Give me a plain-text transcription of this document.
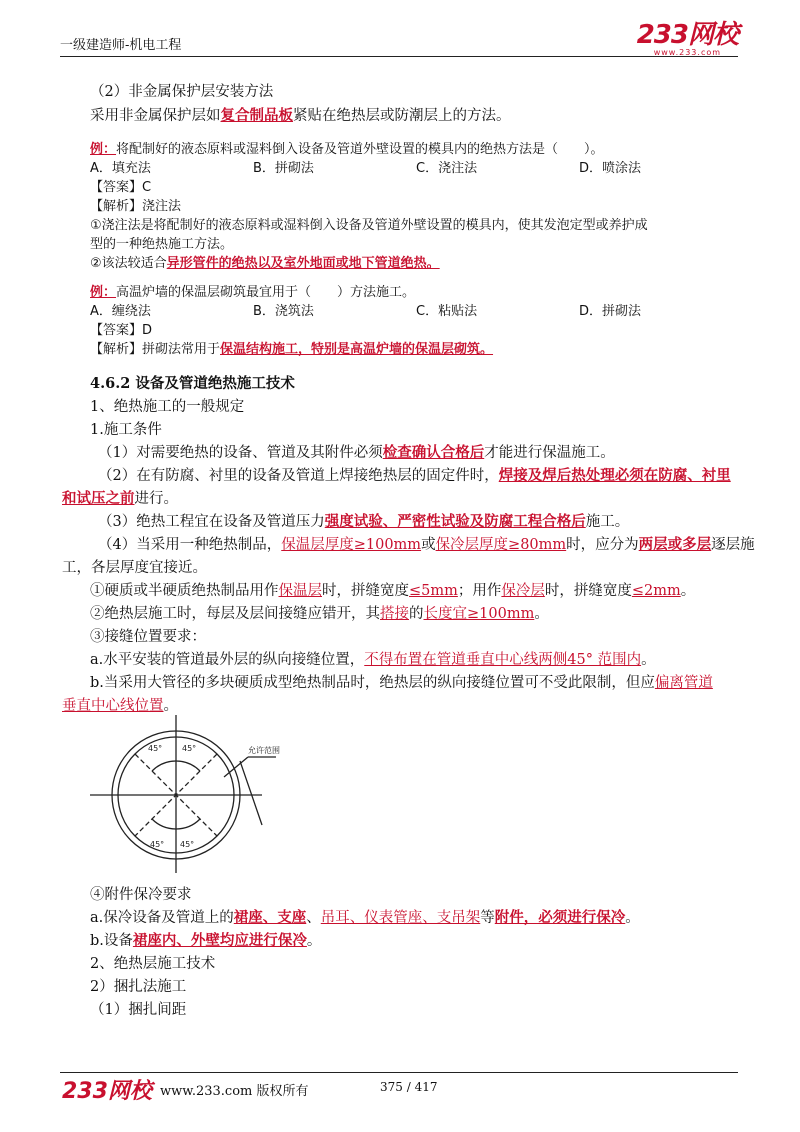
一级建造师-机电工程	233网校
www.233.com
（2）非金属保护层安装方法
采用非金属保护层如复合制品板紧贴在绝热层或防潮层上的方法。
例：将配制好的液态原料或湿料倒入设备及管道外壁设置的模具内的绝热方法是（　　）。
A．填充法	B．拼砌法	C．浇注法	D．喷涂法
【答案】C
【解析】浇注法
①浇注法是将配制好的液态原料或湿料倒入设备及管道外壁设置的模具内，使其发泡定型或养护成
型的一种绝热施工方法。
②该法较适合异形管件的绝热以及室外地面或地下管道绝热。
例：高温炉墙的保温层砌筑最宜用于（　　）方法施工。
A．缠绕法	B．浇筑法	C．粘贴法	D．拼砌法
【答案】D
【解析】拼砌法常用于保温结构施工，特别是高温炉墙的保温层砌筑。
4.6.2 设备及管道绝热施工技术
1、绝热施工的一般规定
1.施工条件
（1）对需要绝热的设备、管道及其附件必须检查确认合格后才能进行保温施工。
（2）在有防腐、衬里的设备及管道上焊接绝热层的固定件时，焊接及焊后热处理必须在防腐、衬里
和试压之前进行。
（3）绝热工程宜在设备及管道压力强度试验、严密性试验及防腐工程合格后施工。
（4）当采用一种绝热制品，保温层厚度≥100mm或保冷层厚度≥80mm时，应分为两层或多层逐层施
工，各层厚度宜接近。
①硬质或半硬质绝热制品用作保温层时，拼缝宽度≤5mm；用作保冷层时，拼缝宽度≤2mm。
②绝热层施工时，每层及层间接缝应错开，其搭接的长度宜≥100mm。
③接缝位置要求：
a.水平安装的管道最外层的纵向接缝位置，不得布置在管道垂直中心线两侧45° 范围内。
b.当采用大管径的多块硬质成型绝热制品时，绝热层的纵向接缝位置可不受此限制，但应偏离管道
垂直中心线位置。
45° 45°
45° 45°
允许范围
④附件保冷要求
a.保冷设备及管道上的裙座、支座、吊耳、仪表管座、支吊架等附件，必须进行保冷。
b.设备裙座内、外壁均应进行保冷。
2、绝热层施工技术
2）捆扎法施工
（1）捆扎间距
233网校 www.233.com 版权所有	375 / 417
